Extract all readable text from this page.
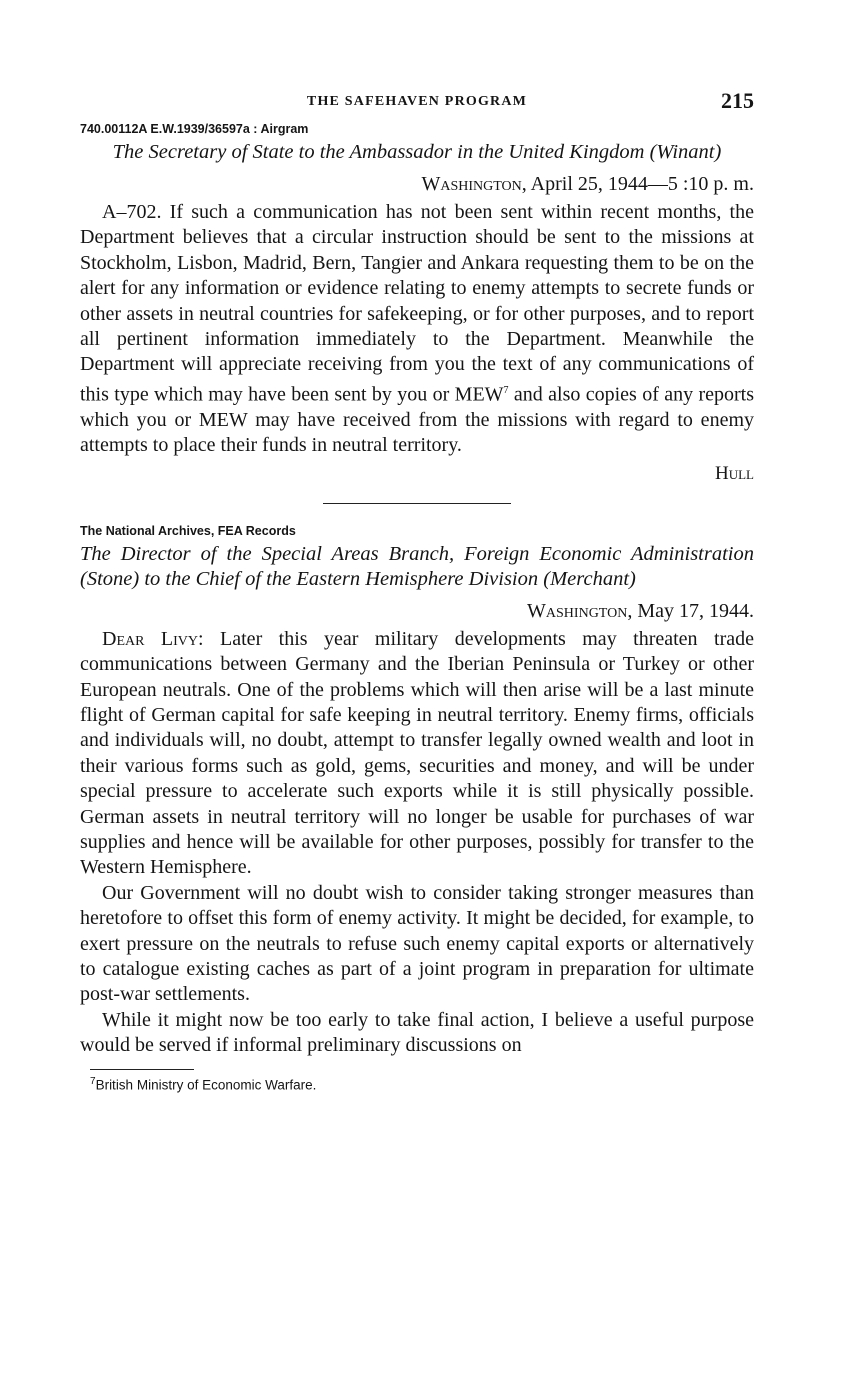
THE SAFEHAVEN PROGRAM	215
740.00112A E.W.1939/36597a : Airgram

The Secretary of State to the Ambassador in the United Kingdom (Winant)

Washington, April 25, 1944—5 :10 p. m.

A–702. If such a communication has not been sent within recent months, the Department believes that a circular instruction should be sent to the missions at Stockholm, Lisbon, Madrid, Bern, Tangier and Ankara requesting them to be on the alert for any information or evidence relating to enemy attempts to secrete funds or other assets in neutral countries for safekeeping, or for other purposes, and to report all pertinent information immediately to the Department. Meanwhile the Department will appreciate receiving from you the text of any communications of this type which may have been sent by you or MEW$^7$ and also copies of any reports which you or MEW may have received from the missions with regard to enemy attempts to place their funds in neutral territory.

Hull
The National Archives, FEA Records

The Director of the Special Areas Branch, Foreign Economic Administration (Stone) to the Chief of the Eastern Hemisphere Division (Merchant)

Washington, May 17, 1944.

Dear Livy: Later this year military developments may threaten trade communications between Germany and the Iberian Peninsula or Turkey or other European neutrals. One of the problems which will then arise will be a last minute flight of German capital for safe keeping in neutral territory. Enemy firms, officials and individuals will, no doubt, attempt to transfer legally owned wealth and loot in their various forms such as gold, gems, securities and money, and will be under special pressure to accelerate such exports while it is still physically possible. German assets in neutral territory will no longer be usable for purchases of war supplies and hence will be available for other purposes, possibly for transfer to the Western Hemisphere.

Our Government will no doubt wish to consider taking stronger measures than heretofore to offset this form of enemy activity. It might be decided, for example, to exert pressure on the neutrals to refuse such enemy capital exports or alternatively to catalogue existing caches as part of a joint program in preparation for ultimate post-war settlements.

While it might now be too early to take final action, I believe a useful purpose would be served if informal preliminary discussions on

$^7$British Ministry of Economic Warfare.
